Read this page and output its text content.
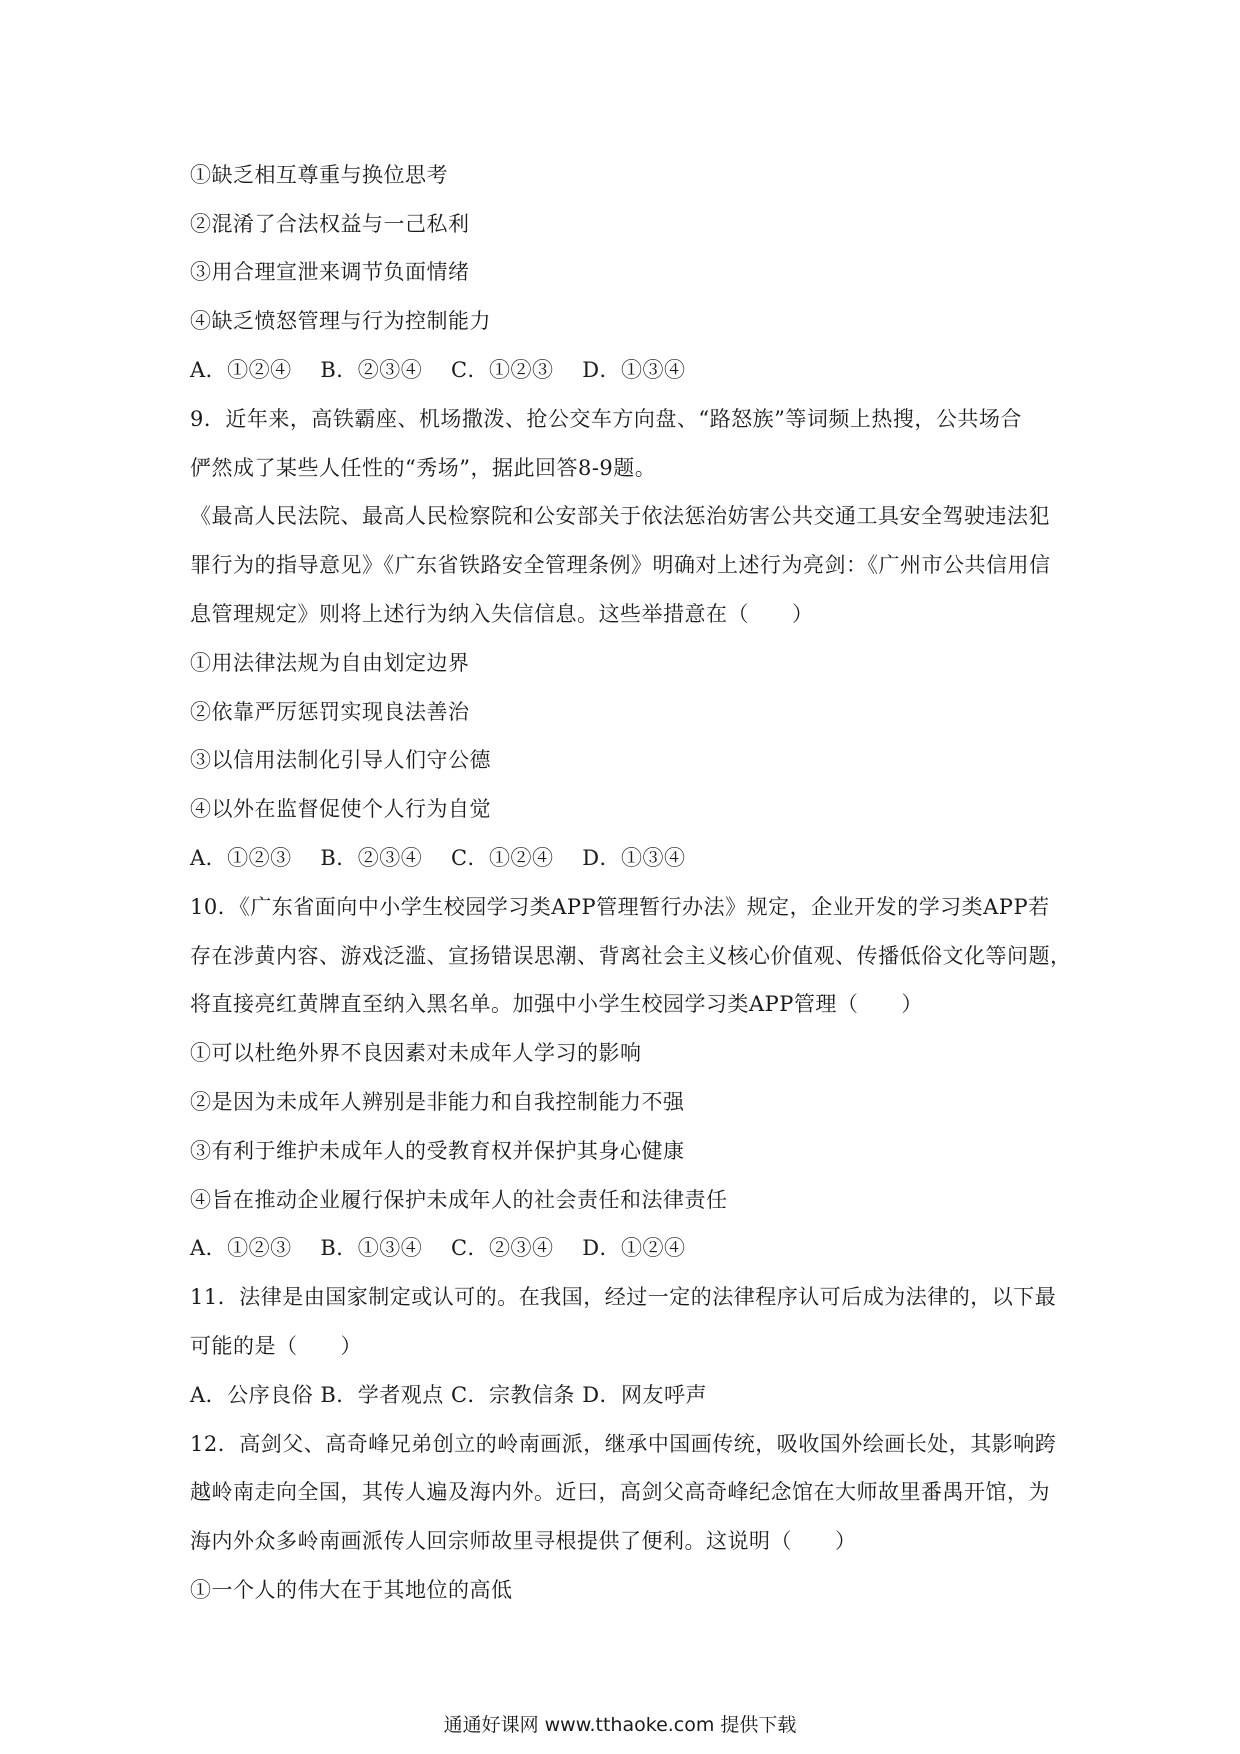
①缺乏相互尊重与换位思考
②混淆了合法权益与一己私利
③用合理宣泄来调节负面情绪
④缺乏愤怒管理与行为控制能力
A．①②④　 B．②③④　 C．①②③　 D．①③④
9．近年来，高铁霸座、机场撒泼、抢公交车方向盘、“路怒族”等词频上热搜，公共场合
俨然成了某些人任性的“秀场”，据此回答8-9题。
《最高人民法院、最高人民检察院和公安部关于依法惩治妨害公共交通工具安全驾驶违法犯
罪行为的指导意见》《广东省铁路安全管理条例》明确对上述行为亮剑：《广州市公共信用信
息管理规定》则将上述行为纳入失信信息。这些举措意在（　　）
①用法律法规为自由划定边界
②依靠严厉惩罚实现良法善治
③以信用法制化引导人们守公德
④以外在监督促使个人行为自觉
A．①②③　 B．②③④　 C．①②④　 D．①③④
10．《广东省面向中小学生校园学习类APP管理暂行办法》规定，企业开发的学习类APP若
存在涉黄内容、游戏泛滥、宣扬错误思潮、背离社会主义核心价值观、传播低俗文化等问题，
将直接亮红黄牌直至纳入黑名单。加强中小学生校园学习类APP管理（　　）
①可以杜绝外界不良因素对未成年人学习的影响
②是因为未成年人辨别是非能力和自我控制能力不强
③有利于维护未成年人的受教育权并保护其身心健康
④旨在推动企业履行保护未成年人的社会责任和法律责任
A．①②③　 B．①③④　 C．②③④　 D．①②④
11．法律是由国家制定或认可的。在我国，经过一定的法律程序认可后成为法律的，以下最
可能的是（　　）
A．公序良俗 B．学者观点 C．宗教信条 D．网友呼声
12．高剑父、高奇峰兄弟创立的岭南画派，继承中国画传统，吸收国外绘画长处，其影响跨
越岭南走向全国，其传人遍及海内外。近曰，高剑父高奇峰纪念馆在大师故里番禺开馆，为
海内外众多岭南画派传人回宗师故里寻根提供了便利。这说明（　　）
①一个人的伟大在于其地位的高低
通通好课网 www.tthaoke.com 提供下载
